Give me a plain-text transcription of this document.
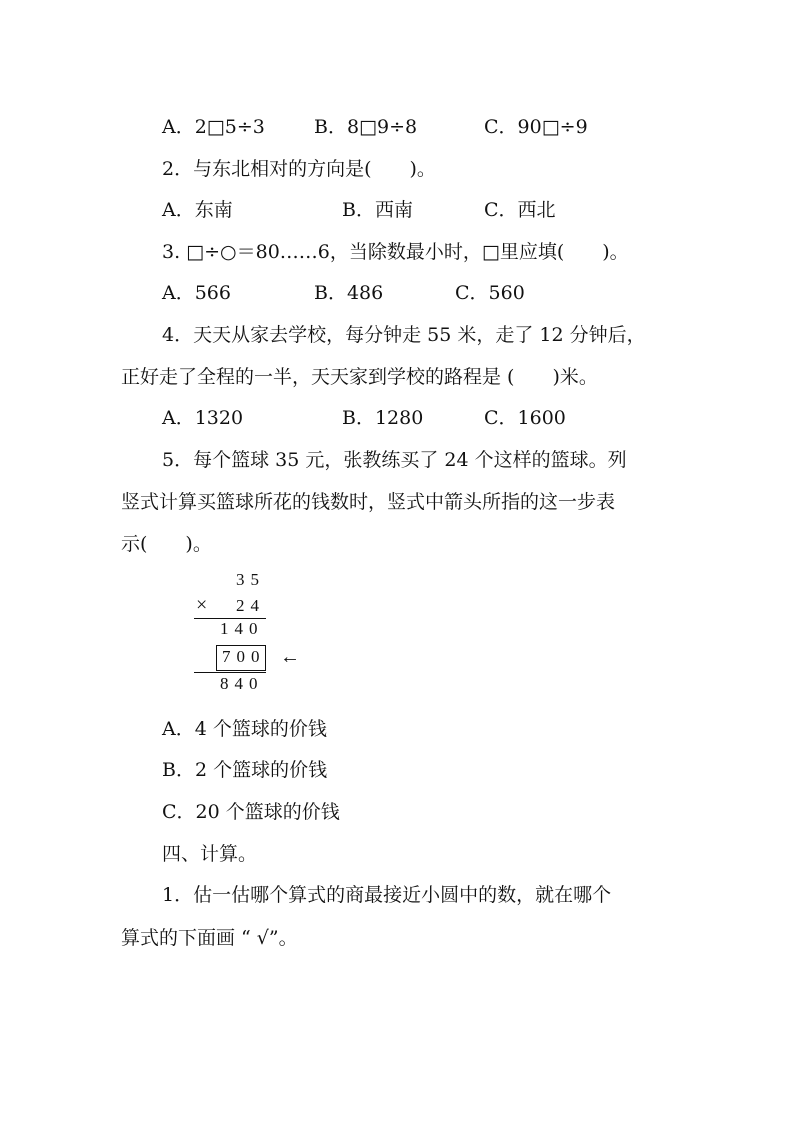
A．2□5÷3	B．8□9÷8	C．90□÷9
2．与东北相对的方向是(　　)。
A．东南	B．西南	C．西北
3. □÷○＝80……6，当除数最小时，□里应填(　　)。
A．566	B．486	C．560
4．天天从家去学校，每分钟走 55 米，走了 12 分钟后，
正好走了全程的一半，天天家到学校的路程是 (　　)米。
A．1320	B．1280	C．1600
5．每个篮球 35 元，张教练买了 24 个这样的篮球。列
竖式计算买篮球所花的钱数时，竖式中箭头所指的这一步表
示(　　)。
35
× 24
140
700 ←
840
A．4 个篮球的价钱
B．2 个篮球的价钱
C．20 个篮球的价钱
四、计算。
1．估一估哪个算式的商最接近小圆中的数，就在哪个
算式的下面画 “ √”。
